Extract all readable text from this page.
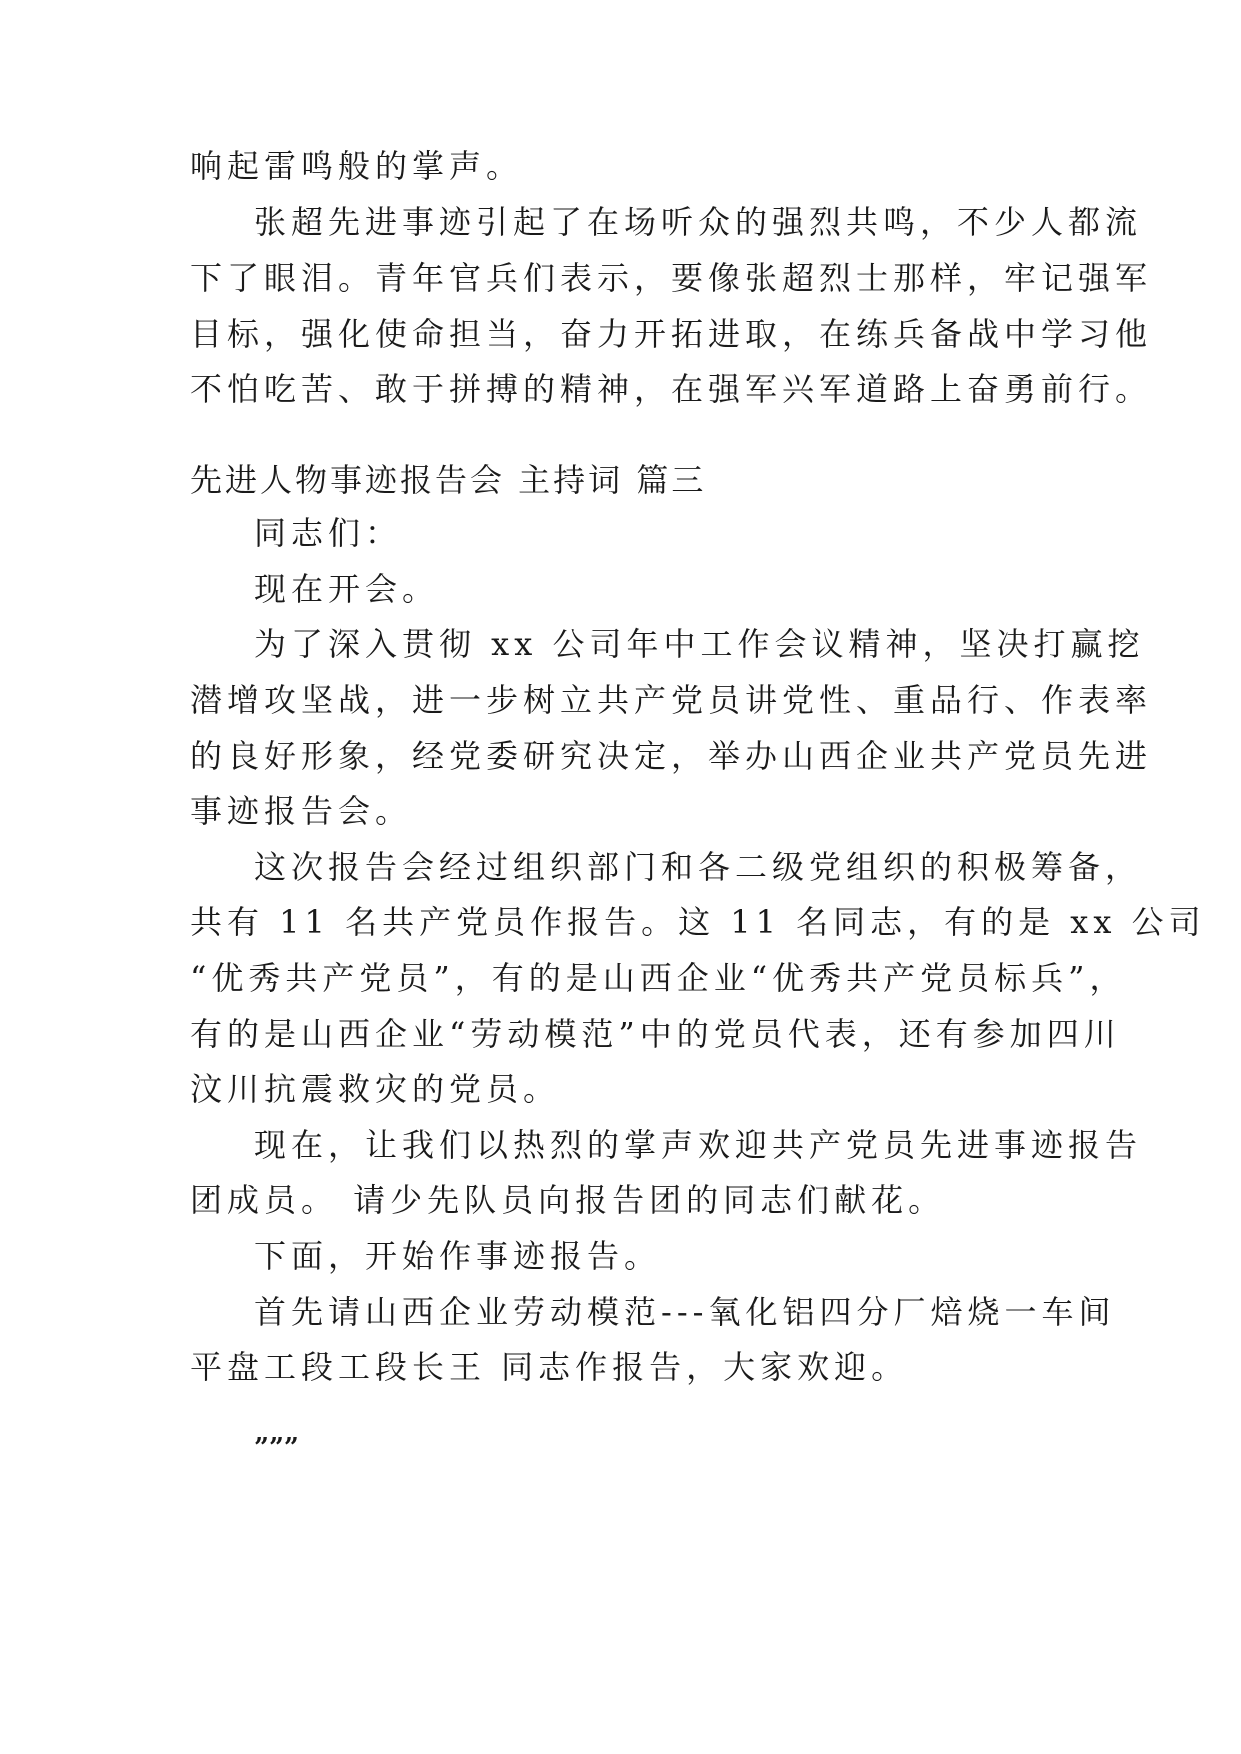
响起雷鸣般的掌声。
张超先进事迹引起了在场听众的强烈共鸣，不少人都流
下了眼泪。青年官兵们表示，要像张超烈士那样，牢记强军
目标，强化使命担当，奋力开拓进取，在练兵备战中学习他
不怕吃苦、敢于拼搏的精神，在强军兴军道路上奋勇前行。
先进人物事迹报告会 主持词 篇三
同志们：
现在开会。
为了深入贯彻 xx 公司年中工作会议精神，坚决打赢挖
潜增攻坚战，进一步树立共产党员讲党性、重品行、作表率
的良好形象，经党委研究决定，举办山西企业共产党员先进
事迹报告会。
这次报告会经过组织部门和各二级党组织的积极筹备，
共有 11 名共产党员作报告。这 11 名同志，有的是 xx 公司
“优秀共产党员”，有的是山西企业“优秀共产党员标兵”，
有的是山西企业“劳动模范”中的党员代表，还有参加四川
汶川抗震救灾的党员。
现在，让我们以热烈的掌声欢迎共产党员先进事迹报告
团成员。 请少先队员向报告团的同志们献花。
下面，开始作事迹报告。
首先请山西企业劳动模范---氧化铝四分厂焙烧一车间
平盘工段工段长王 同志作报告，大家欢迎。
”””
